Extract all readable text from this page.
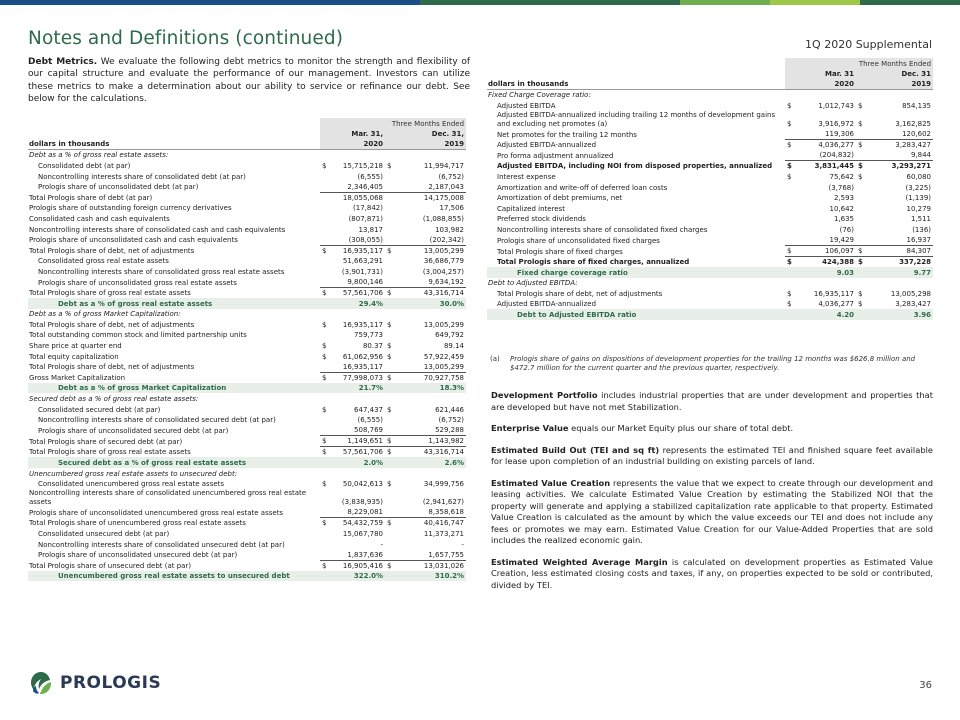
Notes and Definitions (continued)	1Q 2020 Supplemental
Debt Metrics. We evaluate the following debt metrics to monitor the strength and flexibility of our capital structure and evaluate the performance of our management. Investors can utilize these metrics to make a determination about our ability to service or refinance our debt. See below for the calculations.
	Three Months Ended			
	Mar. 31,		Dec. 31,	
dollars in thousands	2020		2019	
Debt as a % of gross real estate assets:				
Consolidated debt (at par)	$	15,715,218	$	11,994,717
Noncontrolling interests share of consolidated debt (at par)		(6,555)		(6,752)
Prologis share of unconsolidated debt (at par)		2,346,405		2,187,043
Total Prologis share of debt (at par)		18,055,068		14,175,008
Prologis share of outstanding foreign currency derivatives		(17,842)		17,506
Consolidated cash and cash equivalents		(807,871)		(1,088,855)
Noncontrolling interests share of consolidated cash and cash equivalents		13,817		103,982
Prologis share of unconsolidated cash and cash equivalents		(308,055)		(202,342)
Total Prologis share of debt, net of adjustments	$	16,935,117	$	13,005,299
Consolidated gross real estate assets		51,663,291		36,686,779
Noncontrolling interests share of consolidated gross real estate assets		(3,901,731)		(3,004,257)
Prologis share of unconsolidated gross real estate assets		9,800,146		9,634,192
Total Prologis share of gross real estate assets	$	57,561,706	$	43,316,714
Debt as a % of gross real estate assets		29.4%		30.0%
Debt as a % of gross Market Capitalization:				
Total Prologis share of debt, net of adjustments	$	16,935,117	$	13,005,299
Total outstanding common stock and limited partnership units		759,773		649,792
Share price at quarter end	$	80.37	$	89.14
Total equity capitalization	$	61,062,956	$	57,922,459
Total Prologis share of debt, net of adjustments		16,935,117		13,005,299
Gross Market Capitalization	$	77,998,073	$	70,927,758
Debt as a % of gross Market Capitalization		21.7%		18.3%
Secured debt as a % of gross real estate assets:				
Consolidated secured debt (at par)	$	647,437	$	621,446
Noncontrolling interests share of consolidated secured debt (at par)		(6,555)		(6,752)
Prologis share of unconsolidated secured debt (at par)		508,769		529,288
Total Prologis share of secured debt (at par)	$	1,149,651	$	1,143,982
Total Prologis share of gross real estate assets	$	57,561,706	$	43,316,714
Secured debt as a % of gross real estate assets		2.0%		2.6%
Unencumbered gross real estate assets to unsecured debt:				
Consolidated unencumbered gross real estate assets	$	50,042,613	$	34,999,756
Noncontrolling interests share of consolidated unencumbered gross real estate assets		(3,838,935)		(2,941,627)
Prologis share of unconsolidated unencumbered gross real estate assets		8,229,081		8,358,618
Total Prologis share of unencumbered gross real estate assets	$	54,432,759	$	40,416,747
Consolidated unsecured debt (at par)		15,067,780		11,373,271
Noncontrolling interests share of consolidated unsecured debt (at par)		-		-
Prologis share of unconsolidated unsecured debt (at par)		1,837,636		1,657,755
Total Prologis share of unsecured debt (at par)	$	16,905,416	$	13,031,026
Unencumbered gross real estate assets to unsecured debt		322.0%		310.2%
	Three Months Ended			
	Mar. 31		Dec. 31	
dollars in thousands	2020		2019	
Fixed Charge Coverage ratio:				
Adjusted EBITDA	$	1,012,743	$	854,135
Adjusted EBITDA-annualized including trailing 12 months of development gains and excluding net promotes (a)	$	3,916,972	$	3,162,825
Net promotes for the trailing 12 months		119,306		120,602
Adjusted EBITDA-annualized	$	4,036,277	$	3,283,427
Pro forma adjustment annualized		(204,832)		9,844
Adjusted EBITDA, including NOI from disposed properties, annualized	$	3,831,445	$	3,293,271
Interest expense	$	75,642	$	60,080
Amortization and write-off of deferred loan costs		(3,768)		(3,225)
Amortization of debt premiums, net		2,593		(1,139)
Capitalized interest		10,642		10,279
Preferred stock dividends		1,635		1,511
Noncontrolling interests share of consolidated fixed charges		(76)		(136)
Prologis share of unconsolidated fixed charges		19,429		16,937
Total Prologis share of fixed charges	$	106,097	$	84,307
Total Prologis share of fixed charges, annualized	$	424,388	$	337,228
Fixed charge coverage ratio		9.03		9.77
Debt to Adjusted EBITDA:				
Total Prologis share of debt, net of adjustments	$	16,935,117	$	13,005,298
Adjusted EBITDA-annualized	$	4,036,277	$	3,283,427
Debt to Adjusted EBITDA ratio		4.20		3.96
(a) Prologis share of gains on dispositions of development properties for the trailing 12 months was $626.8 million and $472.7 million for the current quarter and the previous quarter, respectively.

Development Portfolio includes industrial properties that are under development and properties that are developed but have not met Stabilization.

Enterprise Value equals our Market Equity plus our share of total debt.

Estimated Build Out (TEI and sq ft) represents the estimated TEI and finished square feet available for lease upon completion of an industrial building on existing parcels of land.

Estimated Value Creation represents the value that we expect to create through our development and leasing activities. We calculate Estimated Value Creation by estimating the Stabilized NOI that the property will generate and applying a stabilized capitalization rate applicable to that property. Estimated Value Creation is calculated as the amount by which the value exceeds our TEI and does not include any fees or promotes we may earn. Estimated Value Creation for our Value-Added Properties that are sold includes the realized economic gain.

Estimated Weighted Average Margin is calculated on development properties as Estimated Value Creation, less estimated closing costs and taxes, if any, on properties expected to be sold or contributed, divided by TEI.

PROLOGIS	36
